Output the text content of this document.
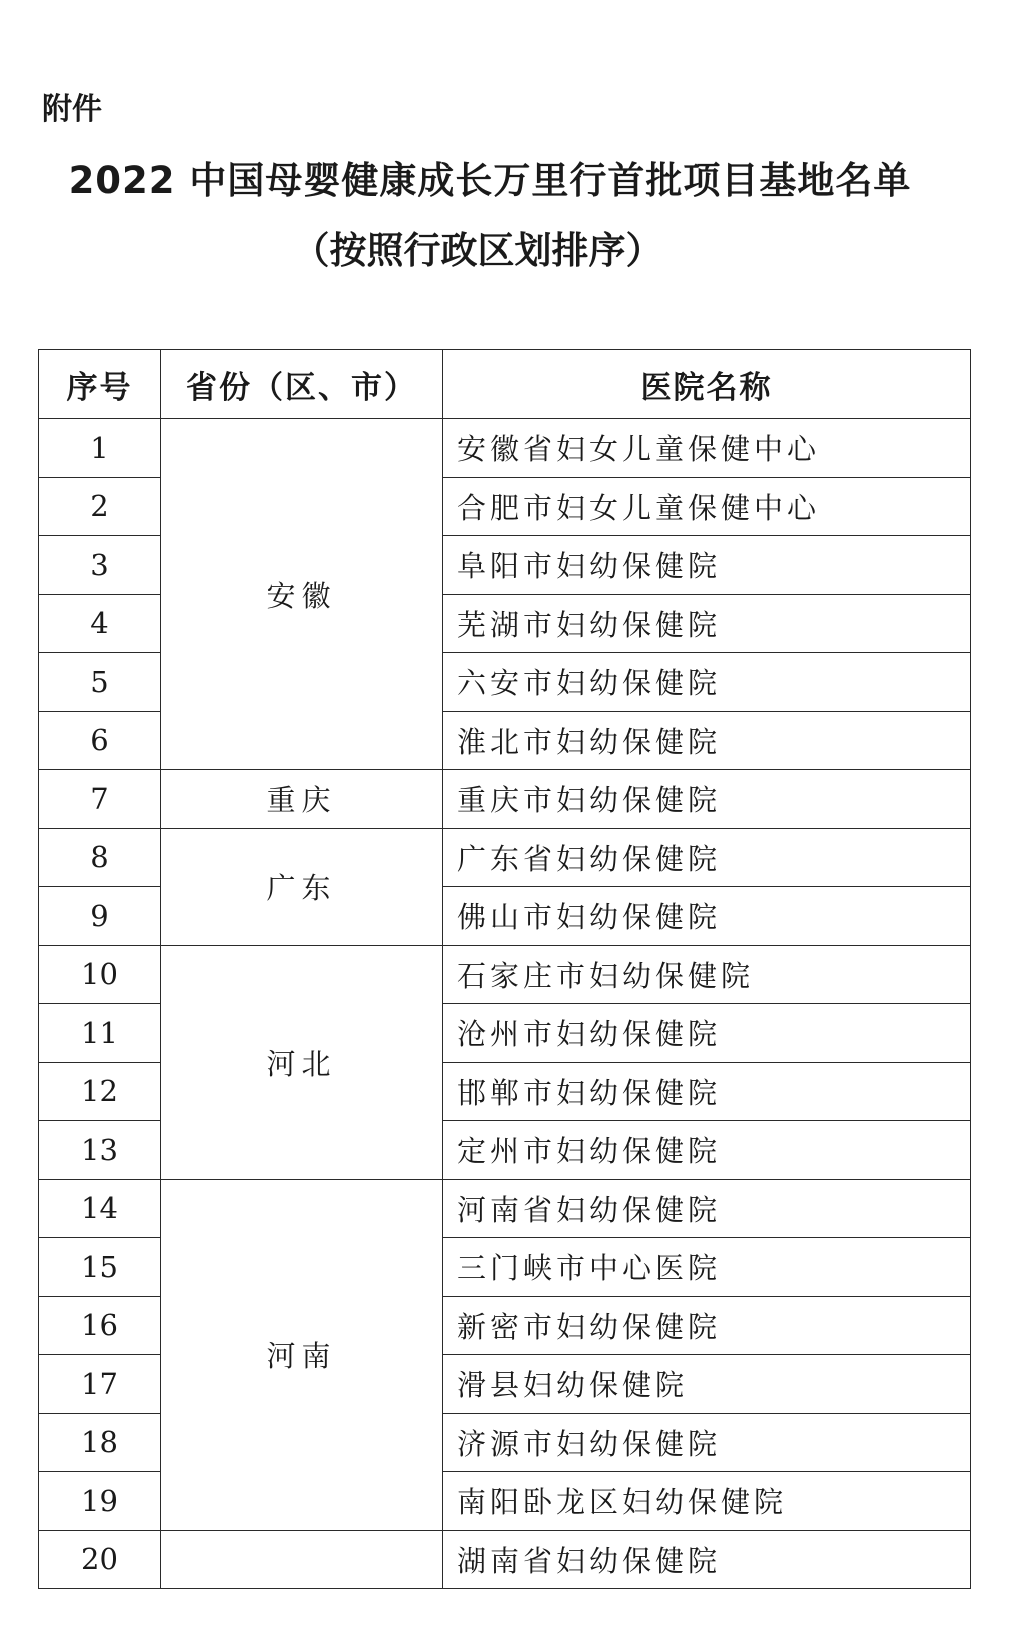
附件
2022 中国母婴健康成长万里行首批项目基地名单
（按照行政区划排序）
序号	省份（区、市）	医院名称
1	安徽	安徽省妇女儿童保健中心
2		合肥市妇女儿童保健中心
3		阜阳市妇幼保健院
4		芜湖市妇幼保健院
5		六安市妇幼保健院
6		淮北市妇幼保健院
7	重庆	重庆市妇幼保健院
8	广东	广东省妇幼保健院
9		佛山市妇幼保健院
10	河北	石家庄市妇幼保健院
11		沧州市妇幼保健院
12		邯郸市妇幼保健院
13		定州市妇幼保健院
14	河南	河南省妇幼保健院
15		三门峡市中心医院
16		新密市妇幼保健院
17		滑县妇幼保健院
18		济源市妇幼保健院
19		南阳卧龙区妇幼保健院
20		湖南省妇幼保健院
